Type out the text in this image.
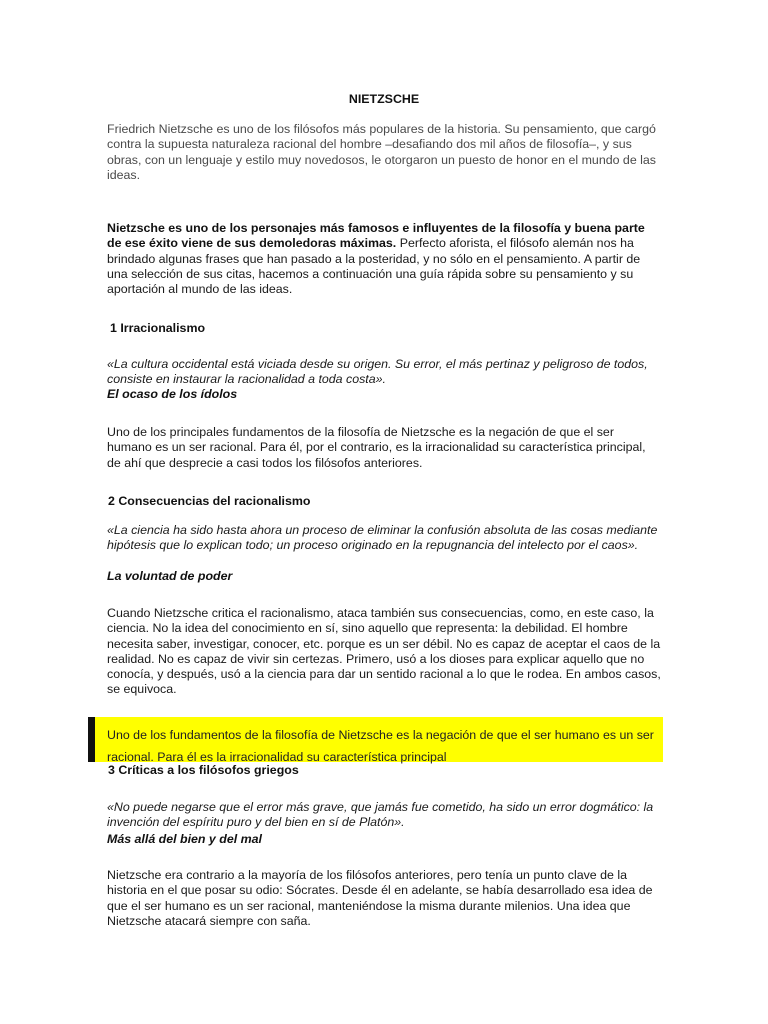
NIETZSCHE

Friedrich Nietzsche es uno de los filósofos más populares de la historia. Su pensamiento, que cargó contra la supuesta naturaleza racional del hombre –desafiando dos mil años de filosofía–, y sus obras, con un lenguaje y estilo muy novedosos, le otorgaron un puesto de honor en el mundo de las ideas.

Nietzsche es uno de los personajes más famosos e influyentes de la filosofía y buena parte de ese éxito viene de sus demoledoras máximas. Perfecto aforista, el filósofo alemán nos ha brindado algunas frases que han pasado a la posteridad, y no sólo en el pensamiento. A partir de una selección de sus citas, hacemos a continuación una guía rápida sobre su pensamiento y su aportación al mundo de las ideas.

1 Irracionalismo

«La cultura occidental está viciada desde su origen. Su error, el más pertinaz y peligroso de todos, consiste en instaurar la racionalidad a toda costa».

El ocaso de los ídolos

Uno de los principales fundamentos de la filosofía de Nietzsche es la negación de que el ser humano es un ser racional. Para él, por el contrario, es la irracionalidad su característica principal, de ahí que desprecie a casi todos los filósofos anteriores.

2 Consecuencias del racionalismo

«La ciencia ha sido hasta ahora un proceso de eliminar la confusión absoluta de las cosas mediante hipótesis que lo explican todo; un proceso originado en la repugnancia del intelecto por el caos».

La voluntad de poder

Cuando Nietzsche critica el racionalismo, ataca también sus consecuencias, como, en este caso, la ciencia. No la idea del conocimiento en sí, sino aquello que representa: la debilidad. El hombre necesita saber, investigar, conocer, etc. porque es un ser débil. No es capaz de aceptar el caos de la realidad. No es capaz de vivir sin certezas. Primero, usó a los dioses para explicar aquello que no conocía, y después, usó a la ciencia para dar un sentido racional a lo que le rodea. En ambos casos, se equivoca.

Uno de los fundamentos de la filosofía de Nietzsche es la negación de que el ser humano es un ser racional. Para él es la irracionalidad su característica principal

3 Críticas a los filósofos griegos

«No puede negarse que el error más grave, que jamás fue cometido, ha sido un error dogmático: la invención del espíritu puro y del bien en sí de Platón».

Más allá del bien y del mal

Nietzsche era contrario a la mayoría de los filósofos anteriores, pero tenía un punto clave de la historia en el que posar su odio: Sócrates. Desde él en adelante, se había desarrollado esa idea de que el ser humano es un ser racional, manteniéndose la misma durante milenios. Una idea que Nietzsche atacará siempre con saña.
